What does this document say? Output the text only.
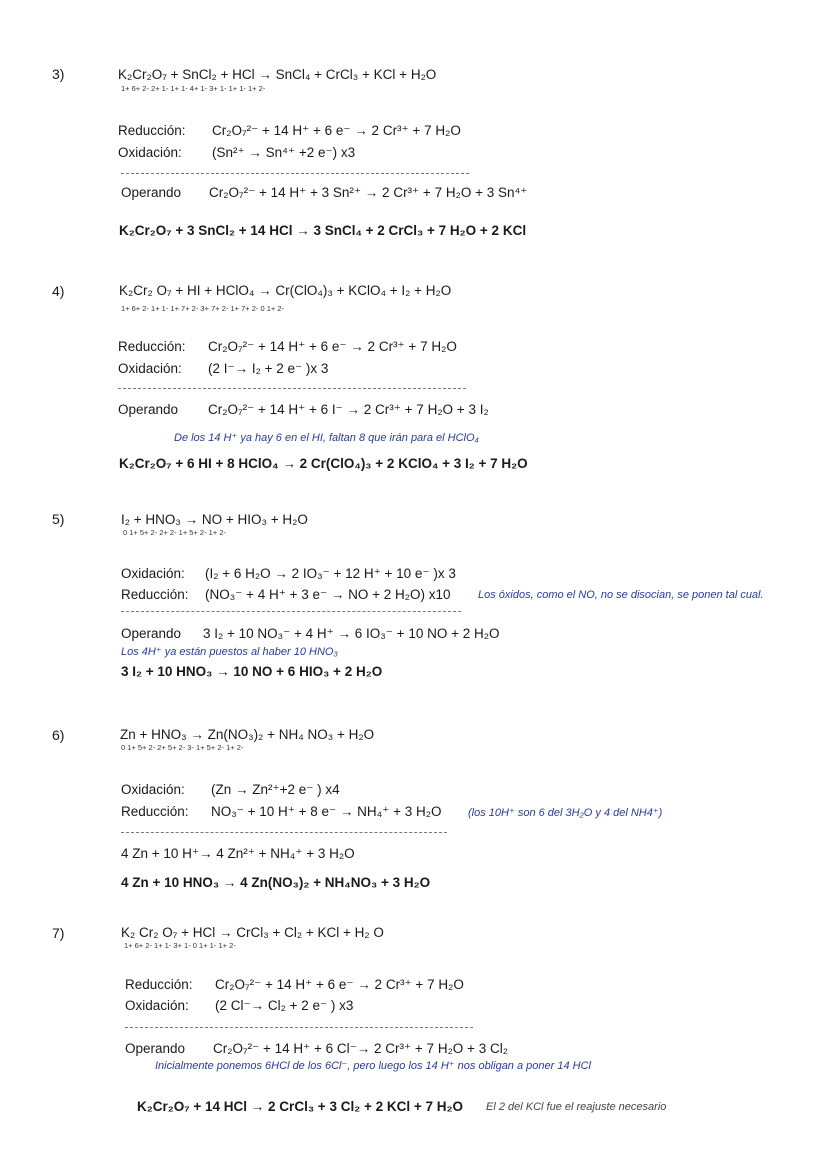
3)	K₂Cr₂O₇ + SnCl₂ + HCl → SnCl₄ + CrCl₃ + KCl + H₂O
1+ 6+ 2- 2+ 1- 1+ 1- 4+ 1- 3+ 1- 1+ 1- 1+ 2-
Reducción: Cr₂O₇²⁻ + 14 H⁺ + 6 e⁻ → 2 Cr³⁺ + 7 H₂O
Oxidación: (Sn²⁺ → Sn⁴⁺ +2 e⁻) x3
Operando Cr₂O₇²⁻ + 14 H⁺ + 3 Sn²⁺ → 2 Cr³⁺ + 7 H₂O + 3 Sn⁴⁺
K₂Cr₂O₇ + 3 SnCl₂ + 14 HCl → 3 SnCl₄ + 2 CrCl₃ + 7 H₂O + 2 KCl
4)	K₂Cr₂ O₇ + HI + HClO₄ → Cr(ClO₄)₃ + KClO₄ + I₂ + H₂O
1+ 6+ 2- 1+ 1- 1+ 7+ 2- 3+ 7+ 2- 1+ 7+ 2- 0 1+ 2-
Reducción: Cr₂O₇²⁻ + 14 H⁺ + 6 e⁻ → 2 Cr³⁺ + 7 H₂O
Oxidación: (2 I⁻→ I₂ + 2 e⁻ )x 3
Operando Cr₂O₇²⁻ + 14 H⁺ + 6 I⁻ → 2 Cr³⁺ + 7 H₂O + 3 I₂
De los 14 H⁺ ya hay 6 en el HI, faltan 8 que irán para el HClO₄
K₂Cr₂O₇ + 6 HI + 8 HClO₄ → 2 Cr(ClO₄)₃ + 2 KClO₄ + 3 I₂ + 7 H₂O
5)	I₂ + HNO₃ → NO + HIO₃ + H₂O
0 1+ 5+ 2- 2+ 2- 1+ 5+ 2- 1+ 2-
Oxidación: (I₂ + 6 H₂O → 2 IO₃⁻ + 12 H⁺ + 10 e⁻ )x 3
Reducción: (NO₃⁻ + 4 H⁺ + 3 e⁻ → NO + 2 H₂O) x10 Los óxidos, como el NO, no se disocian, se ponen tal cual.
Operando 3 I₂ + 10 NO₃⁻ + 4 H⁺ → 6 IO₃⁻ + 10 NO + 2 H₂O
Los 4H⁺ ya están puestos al haber 10 HNO₃
3 I₂ + 10 HNO₃ → 10 NO + 6 HIO₃ + 2 H₂O
6)	Zn + HNO₃ → Zn(NO₃)₂ + NH₄ NO₃ + H₂O
0 1+ 5+ 2- 2+ 5+ 2- 3- 1+ 5+ 2- 1+ 2-
Oxidación: (Zn → Zn²⁺+2 e⁻ ) x4
Reducción: NO₃⁻ + 10 H⁺ + 8 e⁻ → NH₄⁺ + 3 H₂O (los 10H⁺ son 6 del 3H₂O y 4 del NH4⁺)
4 Zn + 10 H⁺→ 4 Zn²⁺ + NH₄⁺ + 3 H₂O
4 Zn + 10 HNO₃ → 4 Zn(NO₃)₂ + NH₄NO₃ + 3 H₂O
7)	K₂ Cr₂ O₇ + HCl → CrCl₃ + Cl₂ + KCl + H₂ O
1+ 6+ 2- 1+ 1- 3+ 1- 0 1+ 1- 1+ 2-
Reducción: Cr₂O₇²⁻ + 14 H⁺ + 6 e⁻ → 2 Cr³⁺ + 7 H₂O
Oxidación: (2 Cl⁻→ Cl₂ + 2 e⁻ ) x3
Operando Cr₂O₇²⁻ + 14 H⁺ + 6 Cl⁻→ 2 Cr³⁺ + 7 H₂O + 3 Cl₂
Inicialmente ponemos 6HCl de los 6Cl⁻, pero luego los 14 H⁺ nos obligan a poner 14 HCl
K₂Cr₂O₇ + 14 HCl → 2 CrCl₃ + 3 Cl₂ + 2 KCl + 7 H₂O El 2 del KCl fue el reajuste necesario
